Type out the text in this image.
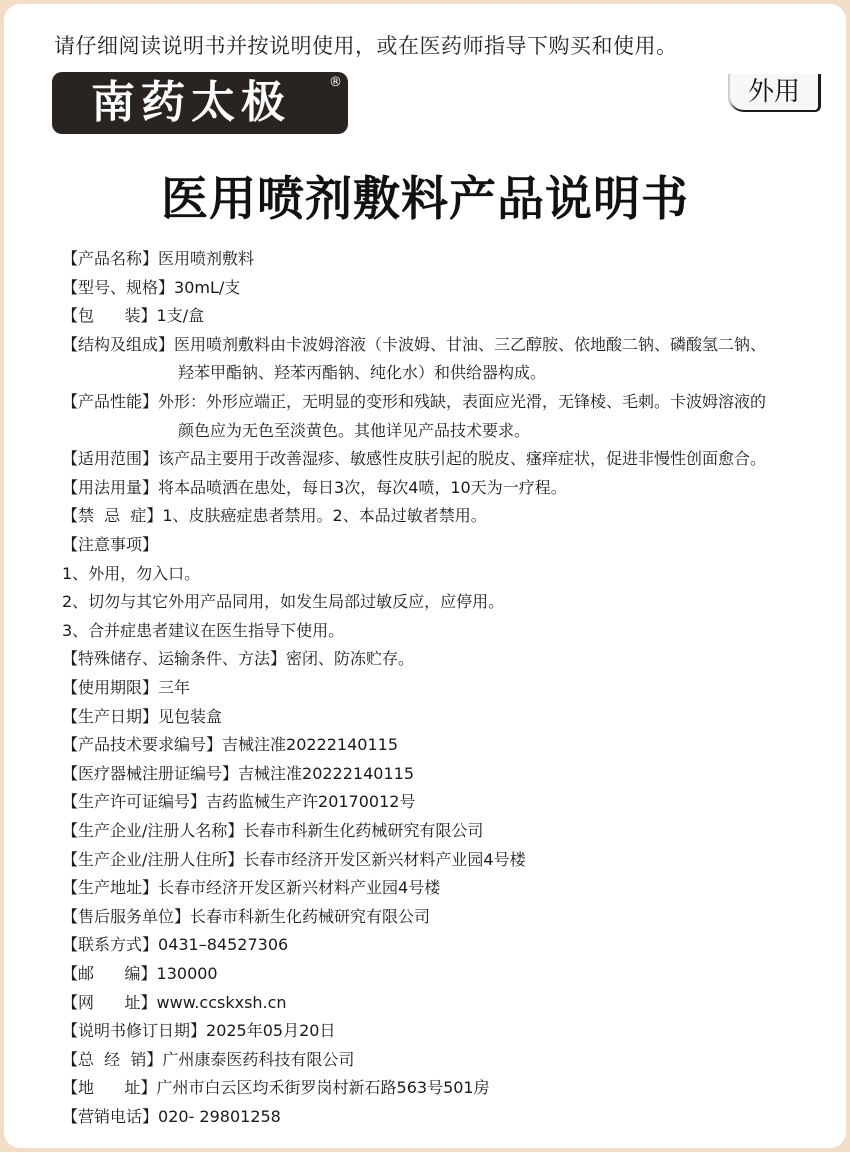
请仔细阅读说明书并按说明使用，或在医药师指导下购买和使用。
南药太极	®	外用
医用喷剂敷料产品说明书
【产品名称】医用喷剂敷料
【型号、规格】30mL/支
【包      装】1支/盒
【结构及组成】医用喷剂敷料由卡波姆溶液（卡波姆、甘油、三乙醇胺、依地酸二钠、磷酸氢二钠、
羟苯甲酯钠、羟苯丙酯钠、纯化水）和供给器构成。
【产品性能】外形：外形应端正，无明显的变形和残缺，表面应光滑，无锋棱、毛刺。卡波姆溶液的
颜色应为无色至淡黄色。其他详见产品技术要求。
【适用范围】该产品主要用于改善湿疹、敏感性皮肤引起的脱皮、瘙痒症状，促进非慢性创面愈合。
【用法用量】将本品喷洒在患处，每日3次，每次4喷，10天为一疗程。
【禁  忌  症】1、皮肤癌症患者禁用。2、本品过敏者禁用。
【注意事项】
1、外用，勿入口。
2、切勿与其它外用产品同用，如发生局部过敏反应，应停用。
3、合并症患者建议在医生指导下使用。
【特殊储存、运输条件、方法】密闭、防冻贮存。
【使用期限】三年
【生产日期】见包装盒
【产品技术要求编号】吉械注准20222140115
【医疗器械注册证编号】吉械注准20222140115
【生产许可证编号】吉药监械生产许20170012号
【生产企业/注册人名称】长春市科新生化药械研究有限公司
【生产企业/注册人住所】长春市经济开发区新兴材料产业园4号楼
【生产地址】长春市经济开发区新兴材料产业园4号楼
【售后服务单位】长春市科新生化药械研究有限公司
【联系方式】0431–84527306
【邮      编】130000
【网      址】www.ccskxsh.cn
【说明书修订日期】2025年05月20日
【总  经  销】广州康泰医药科技有限公司
【地      址】广州市白云区均禾街罗岗村新石路563号501房
【营销电话】020- 29801258
